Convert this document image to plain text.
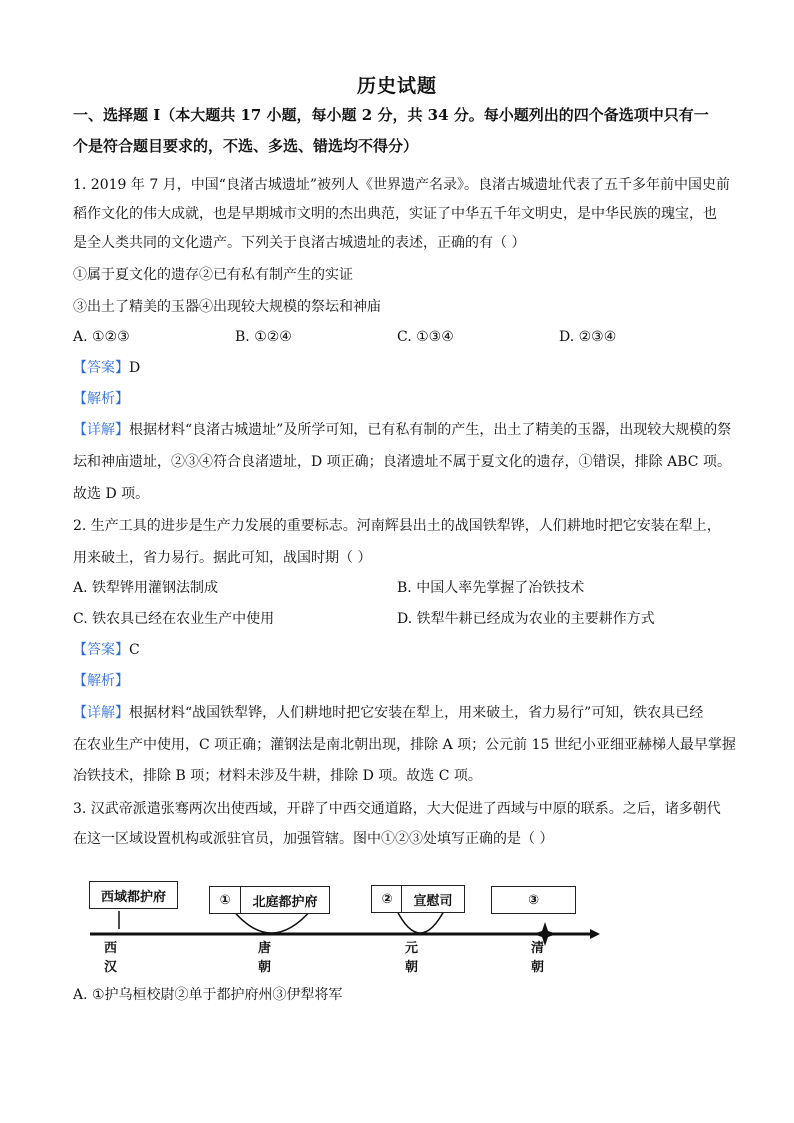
历史试题
一、选择题 I（本大题共 17 小题，每小题 2 分，共 34 分。每小题列出的四个备选项中只有一
个是符合题目要求的，不选、多选、错选均不得分）
1. 2019 年 7 月，中国“良渚古城遗址”被列人《世界遗产名录》。良渚古城遗址代表了五千多年前中国史前
稻作文化的伟大成就，也是早期城市文明的杰出典范，实证了中华五千年文明史，是中华民族的瑰宝，也
是全人类共同的文化遗产。下列关于良渚古城遗址的表述，正确的有（ ）
①属于夏文化的遗存②已有私有制产生的实证
③出土了精美的玉器④出现较大规模的祭坛和神庙
A. ①②③	B. ①②④	C. ①③④	D. ②③④
【答案】D
【解析】
【详解】根据材料“良渚古城遗址”及所学可知，已有私有制的产生，出土了精美的玉器，出现较大规模的祭
坛和神庙遗址，②③④符合良渚遗址，D 项正确；良渚遗址不属于夏文化的遗存，①错误，排除 ABC 项。
故选 D 项。
2. 生产工具的进步是生产力发展的重要标志。河南辉县出土的战国铁犁铧，人们耕地时把它安装在犁上，
用来破土，省力易行。据此可知，战国时期（ ）
A. 铁犁铧用灌钢法制成	B. 中国人率先掌握了冶铁技术
C. 铁农具已经在农业生产中使用	D. 铁犁牛耕已经成为农业的主要耕作方式
【答案】C
【解析】
【详解】根据材料“战国铁犁铧，人们耕地时把它安装在犁上，用来破土，省力易行”可知，铁农具已经
在农业生产中使用，C 项正确；灌钢法是南北朝出现，排除 A 项；公元前 15 世纪小亚细亚赫梯人最早掌握
冶铁技术，排除 B 项；材料未涉及牛耕，排除 D 项。故选 C 项。
3. 汉武帝派遣张骞两次出使西域，开辟了中西交通道路，大大促进了西域与中原的联系。之后，诸多朝代
在这一区域设置机构或派驻官员，加强管辖。图中①②③处填写正确的是（ ）
西域都护府	①	北庭都护府	②	宣慰司	③
西汉
唐朝
元朝
清朝
A. ①护乌桓校尉②单于都护府州③伊犁将军
